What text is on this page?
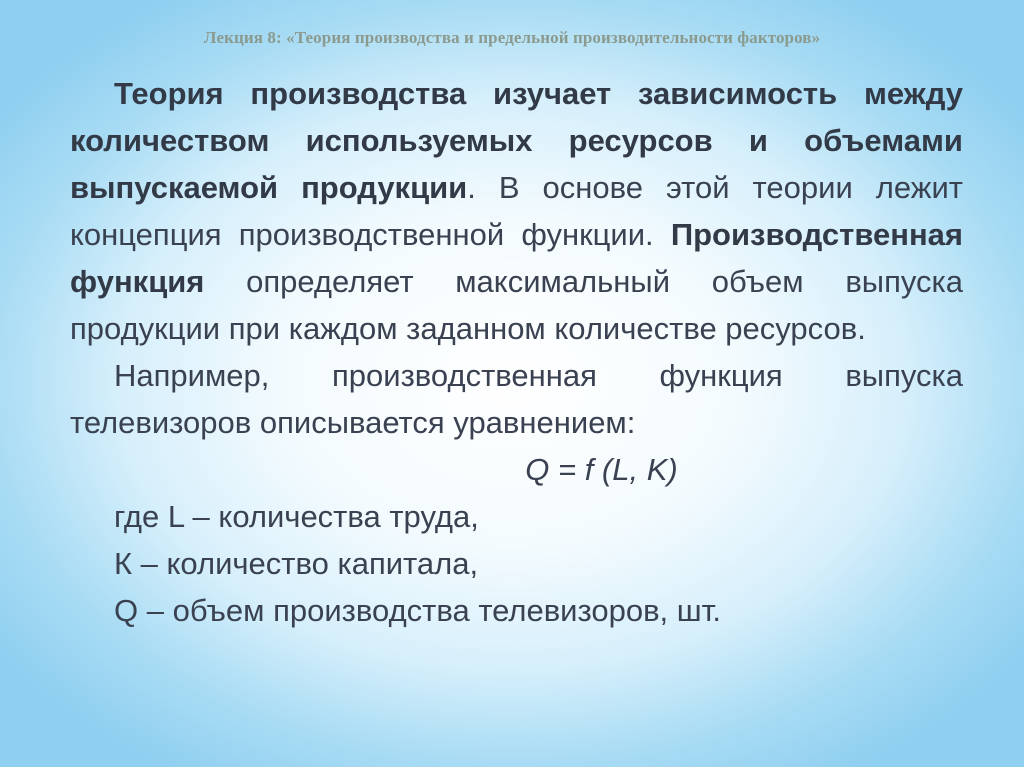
Лекция 8: «Теория производства и предельной производительности факторов»

Теория производства изучает зависимость между количеством используемых ресурсов и объемами выпускаемой продукции. В основе этой теории лежит концепция производственной функции. Производственная функция определяет максимальный объем выпуска продукции при каждом заданном количестве ресурсов.

Например, производственная функция выпуска телевизоров описывается уравнением:

Q = f (L, K)

где L – количества труда,

К – количество капитала,

Q – объем производства телевизоров, шт.
